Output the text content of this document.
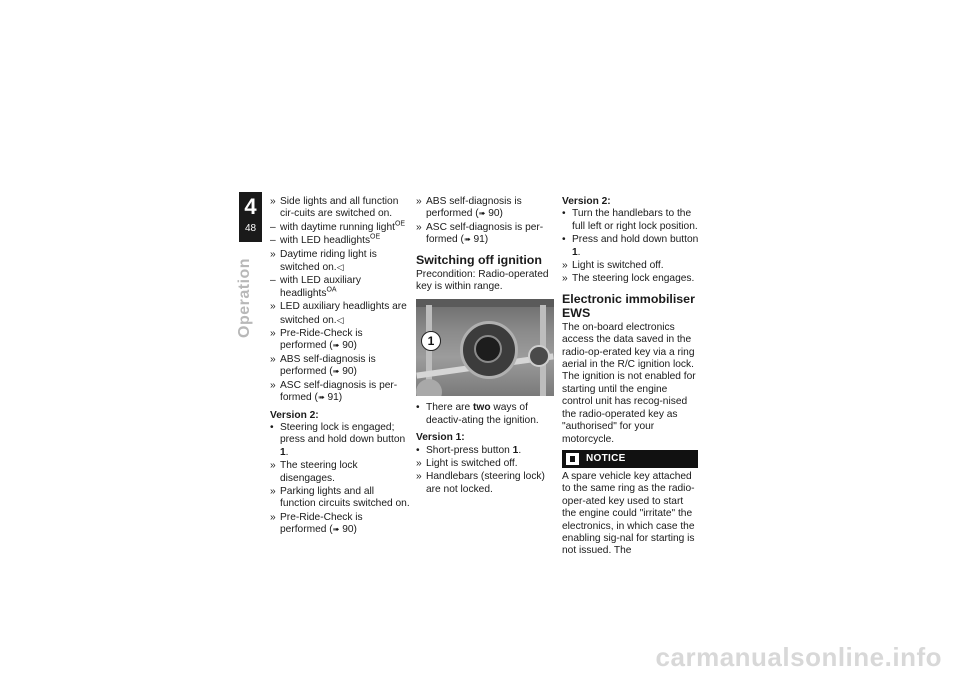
4
48
Operation
» Side lights and all function cir-cuits are switched on.
– with daytime running light$^{OE}$
– with LED headlights$^{OE}$
» Daytime riding light is switched on.◁
– with LED auxiliary headlights$^{OA}$
» LED auxiliary headlights are switched on.◁
» Pre-Ride-Check is performed (➠ 90)
» ABS self-diagnosis is performed (➠ 90)
» ASC self-diagnosis is per-formed (➠ 91)
Version 2:
• Steering lock is engaged; press and hold down button 1.
» The steering lock disengages.
» Parking lights and all function circuits switched on.
» Pre-Ride-Check is performed (➠ 90)
» ABS self-diagnosis is performed (➠ 90)
» ASC self-diagnosis is per-formed (➠ 91)
Switching off ignition
Precondition: Radio-operated key is within range.
1
• There are two ways of deactiv-ating the ignition.
Version 1:
• Short-press button 1.
» Light is switched off.
» Handlebars (steering lock) are not locked.
Version 2:
• Turn the handlebars to the full left or right lock position.
• Press and hold down button 1.
» Light is switched off.
» The steering lock engages.
Electronic immobiliser EWS
The on-board electronics access the data saved in the radio-op-erated key via a ring aerial in the R/C ignition lock. The ignition is not enabled for starting until the engine control unit has recog-nised the radio-operated key as "authorised" for your motorcycle.
NOTICE
A spare vehicle key attached to the same ring as the radio-oper-ated key used to start the engine could "irritate" the electronics, in which case the enabling sig-nal for starting is not issued. The
carmanualsonline.info
